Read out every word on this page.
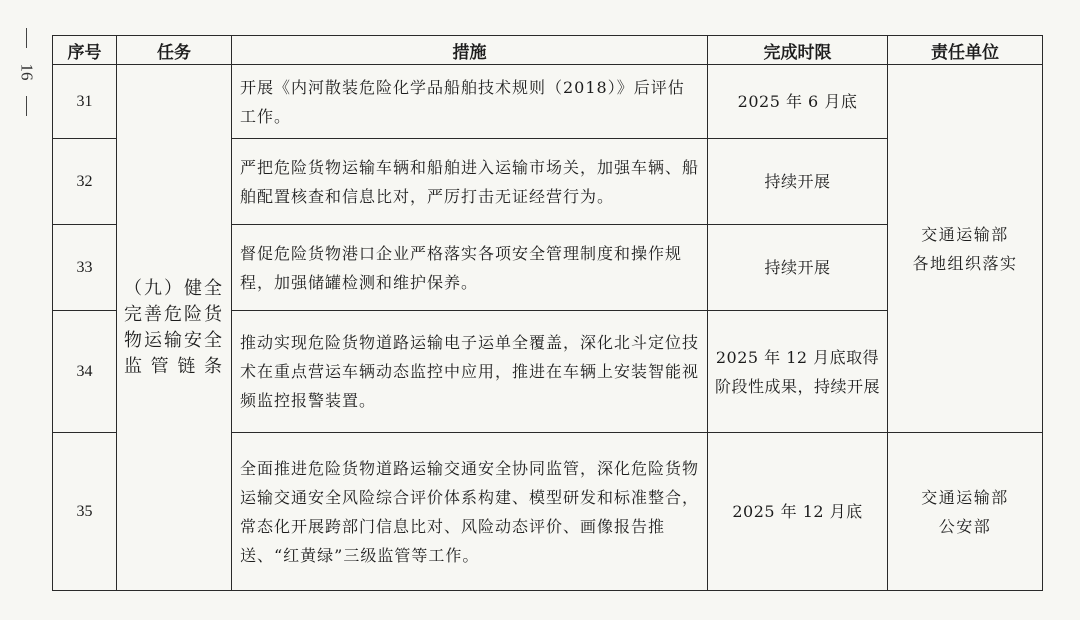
16
序号	任务	措施	完成时限	责任单位
31	（九）健全完善危险货物运输安全监管链条	开展《内河散装危险化学品船舶技术规则（2018）》后评估工作。	2025 年 6 月底	交通运输部
各地组织落实

32		严把危险货物运输车辆和船舶进入运输市场关，加强车辆、船舶配置核查和信息比对，严厉打击无证经营行为。	持续开展	
33		督促危险货物港口企业严格落实各项安全管理制度和操作规程，加强储罐检测和维护保养。	持续开展	
34		推动实现危险货物道路运输电子运单全覆盖，深化北斗定位技术在重点营运车辆动态监控中应用，推进在车辆上安装智能视频监控报警装置。	2025 年 12 月底取得阶段性成果，持续开展	
35		全面推进危险货物道路运输交通安全协同监管，深化危险货物运输交通安全风险综合评价体系构建、模型研发和标准整合，常态化开展跨部门信息比对、风险动态评价、画像报告推送、“红黄绿”三级监管等工作。	2025 年 12 月底	交通运输部
公安部
